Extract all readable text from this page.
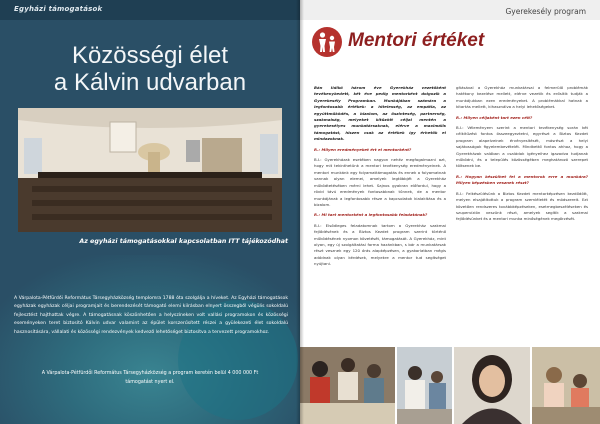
Egyházi támogatások
Közösségi élet
a Kálvin udvarban
Az egyházi támogatásokkal kapcsolatban ITT tájékozódhat

A Várpalota-Pétfürdői Református Társegyházközség templomra 1788 óta szolgálja a híveket. Az Egyházi támogatások egyházak egyházak céljai programjait és berendezését támogató elemi kiírásban elnyert összegből végülis sokoldalú fejlesztést hajthattak végre. A támogatásnak köszönhetően a helyszíneken volt vallási programokon és közösségi eseményeken teret biztosító Kálvin udvar valamint az épület korszerűsített részei a gyülekezeti élet sokoldalú hasznosítására, vállalati és közösségi rendezvények kedvező lehetőséget biztosítva a tervezett programokhoz.

A Várpalota-Pétfürdői Református Társegyházközség a program keretén belül 4 000 000 Ft támogatást nyert el.

Gyerekesély program
Mentori értéket

Bán Ildikó három éve Gyerekház vezetőként tevékenykedett, két éve pedig mentorként dolgozik a Gyerekesély Programban. Munkájában számára a legfontosabb értékek: a hitelesség, az empátia, az együttműködés, a bizalom, az őszinteség, partnerség, szakmaiság, melyeket kitűzött céljai mentén a gyerekesélyes munkatársaknak, elérve a maximális támogatást, hiszen csak az értékek így érhetők el mindazoknak.

R.: Milyen eredményeket ért el mentorként?

B.I.: Gyerekházak esetében nagyon nehéz megfogalmazni azt, hogy mit tekinthetünk a mentori tevékenység eredményeinek. A mentori munkánk egy folyamattámogatás és ennek a folyamatnak vannak olyan elemei, amelyek legtöbbjét a Gyerekház működtetésében mérni lehet. Sajnos gyakran előfordul, hogy a rövid távú eredmények fontosabbnak tűnnek, de a mentor munkájának a legfontosabb része a kapcsolatok kialakítása és a bizalom.

R.: Mi tart mentorként a legfontosabb feladatának?

B.I.: Elsődleges feladatomnak tartom a Gyerekház szakmai fejlődésének és a Biztos Kezdet program szerint történő működésének nyomon követését, támogatását. A Gyerekház, mint olyan, egy új szolgáltatási forma hazánkban, s bár a munkatársak részt vesznek egy 120 órás alapképzésen, a gyakorlatban mégis adódnak olyan kérdések, melyekre a mentor tud segítséget nyújtani.

gításával a Gyerekház munkatársai a felmerülő problémák hatékony kezelése mellett, elérve vezetik és erősítik tudják a munkájukban ezen eredményeket. A problémákkal hatnak a kitartás mellett, kihasználva a helyi lehetőségeket.

R.: Milyen céljaként tart ezen célt?

B.I.: Véleményem szerint a mentori tevékenység során két célkitűzést fontos összeegyeztetni, egyrészt a Biztos Kezdet program alapelveinek érvényesítését, másrészt a helyi sajátosságok figyelembevételét. Mindkettő fontos ahhoz, hogy a Gyerekházak valóban a családok igényeihez igazodva tudjanak működni, és a település közösségében meghatározó szerepet töltsenek be.

R.: Hogyan készülhet fel a mentorok erre a munkára? Milyen képzésben vesznek részt?

B.I.: Felkészülésünk a Biztos Kezdet mentorképzésen kezdődött, melyen elsajátítottuk a program szemléletét és módszereit. Ezt követően rendszeres továbbképzéseken, esetmegbeszéléseken és szupervízión veszünk részt, amelyek segítik a szakmai fejlődésünket és a mentori munka minőségének megőrzését.
